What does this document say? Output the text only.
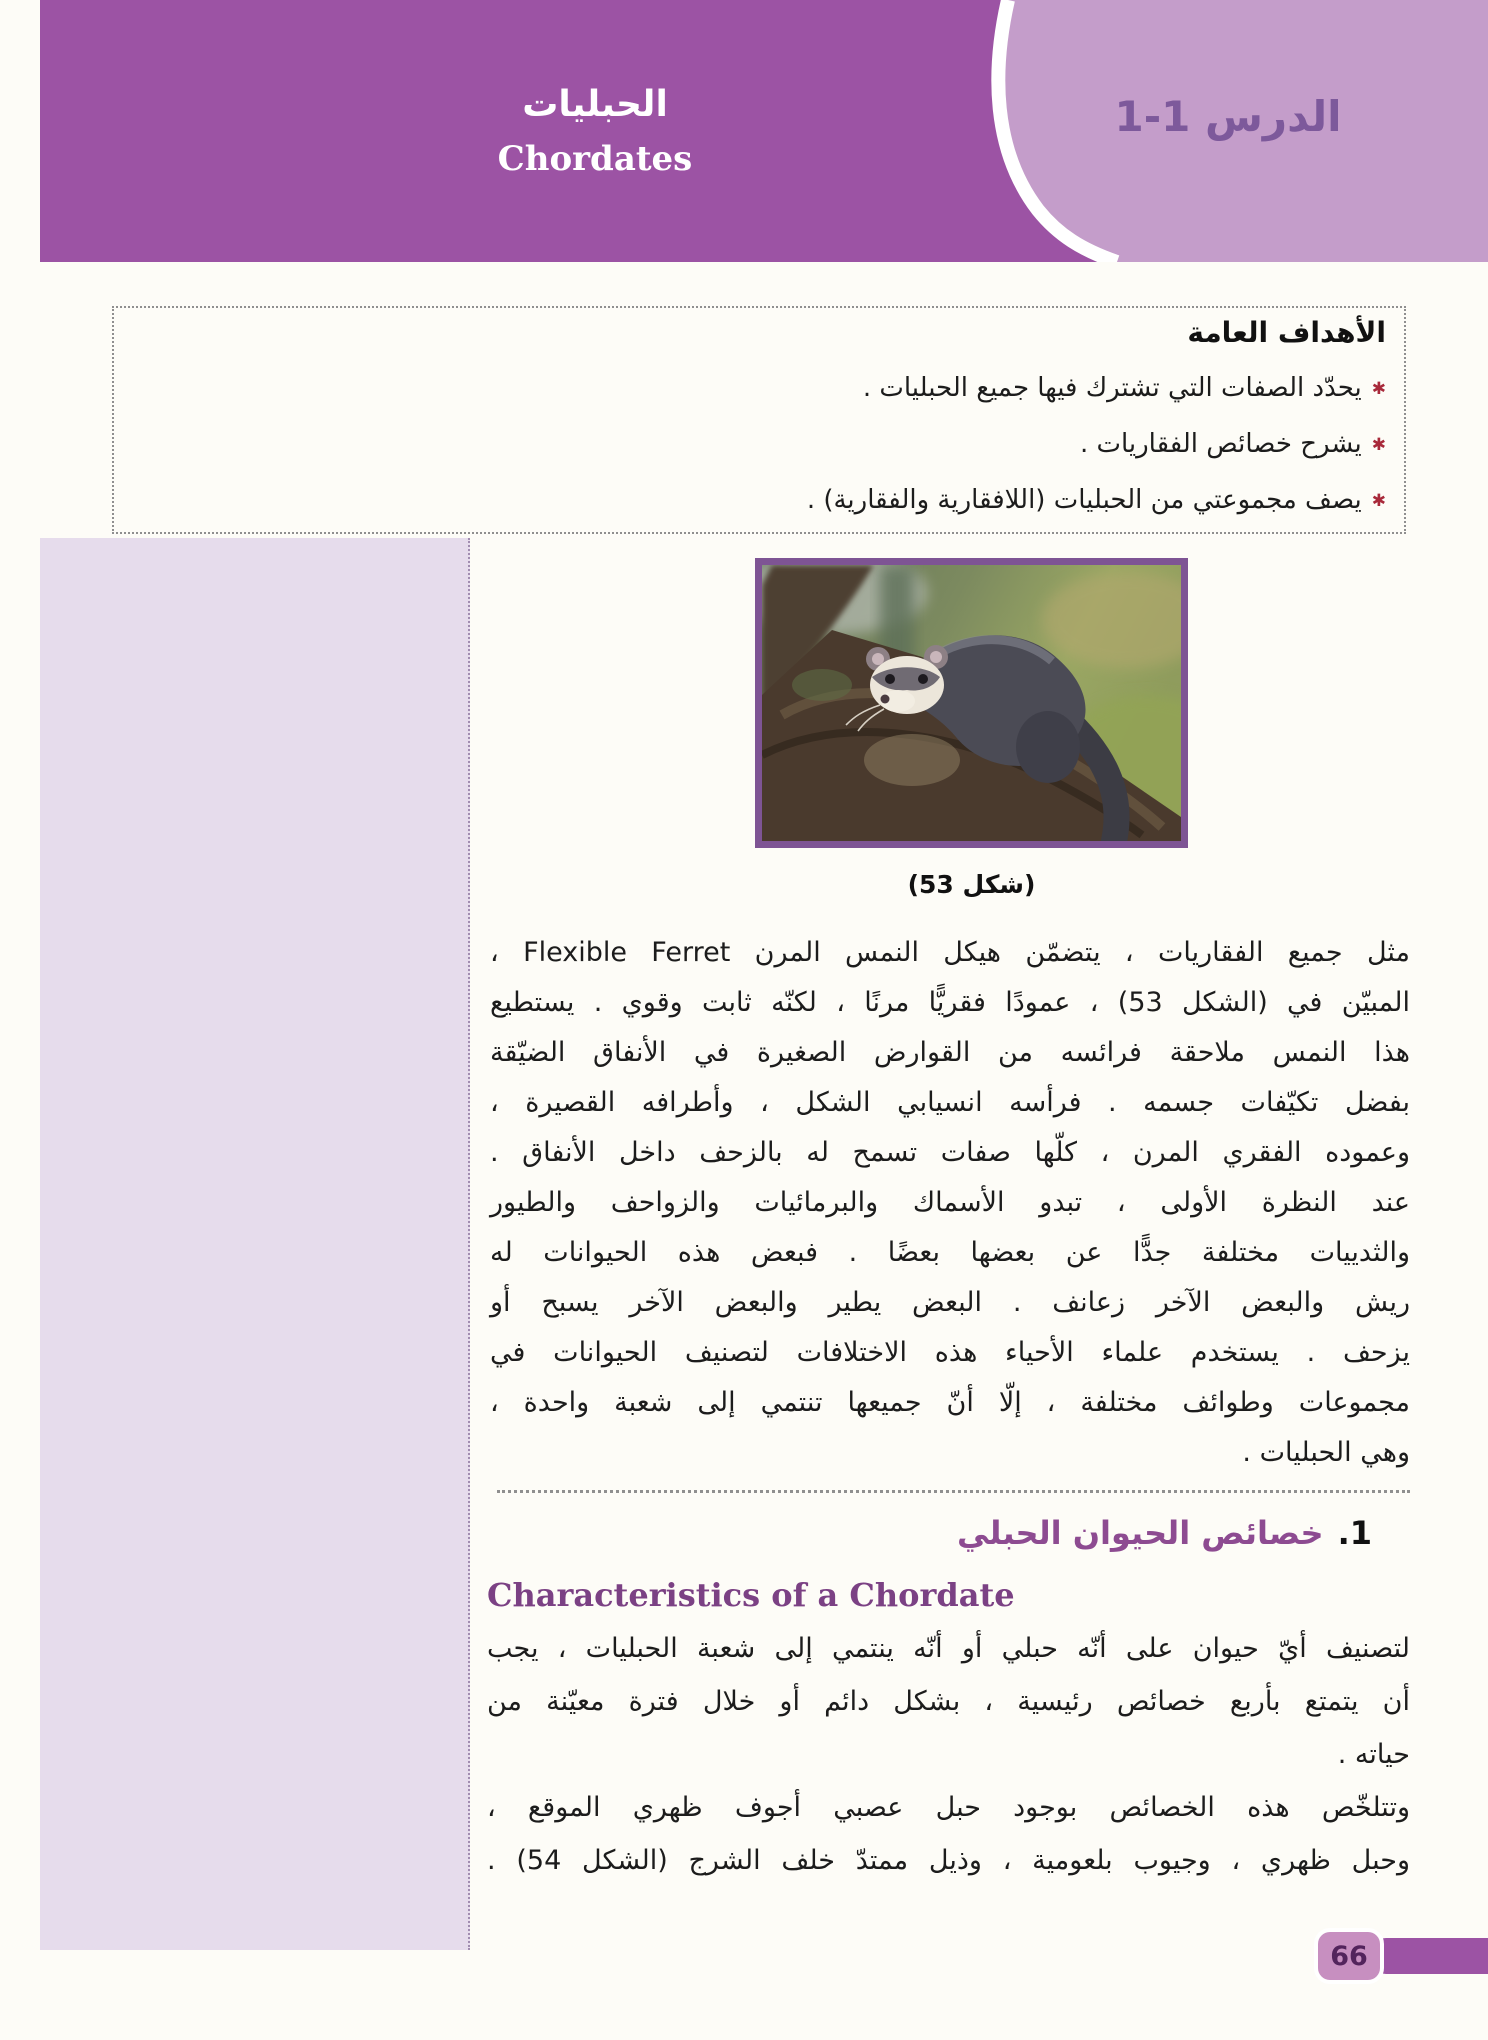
الحبليات
Chordates
الدرس 1-1
الأهداف العامة
✱يحدّد الصفات التي تشترك فيها جميع الحبليات .
✱يشرح خصائص الفقاريات .
✱يصف مجموعتي من الحبليات (اللافقارية والفقارية) .
(شكل 53)
مثل جميع الفقاريات ، يتضمّن هيكل النمس المرن Flexible Ferret ،
المبيّن في (الشكل 53) ، عمودًا فقريًّا مرنًا ، لكنّه ثابت وقوي . يستطيع
هذا النمس ملاحقة فرائسه من القوارض الصغيرة في الأنفاق الضيّقة
بفضل تكيّفات جسمه . فرأسه انسيابي الشكل ، وأطرافه القصيرة ،
وعموده الفقري المرن ، كلّها صفات تسمح له بالزحف داخل الأنفاق .
عند النظرة الأولى ، تبدو الأسماك والبرمائيات والزواحف والطيور
والثدييات مختلفة جدًّا عن بعضها بعضًا . فبعض هذه الحيوانات له
ريش والبعض الآخر زعانف . البعض يطير والبعض الآخر يسبح أو
يزحف . يستخدم علماء الأحياء هذه الاختلافات لتصنيف الحيوانات في
مجموعات وطوائف مختلفة ، إلّا أنّ جميعها تنتمي إلى شعبة واحدة ،
وهي الحبليات .
1.خصائص الحيوان الحبلي
Characteristics of a Chordate
لتصنيف أيّ حيوان على أنّه حبلي أو أنّه ينتمي إلى شعبة الحبليات ، يجب
أن يتمتع بأربع خصائص رئيسية ، بشكل دائم أو خلال فترة معيّنة من
حياته .
وتتلخّص هذه الخصائص بوجود حبل عصبي أجوف ظهري الموقع ،
وحبل ظهري ، وجيوب بلعومية ، وذيل ممتدّ خلف الشرج (الشكل 54) .
66
